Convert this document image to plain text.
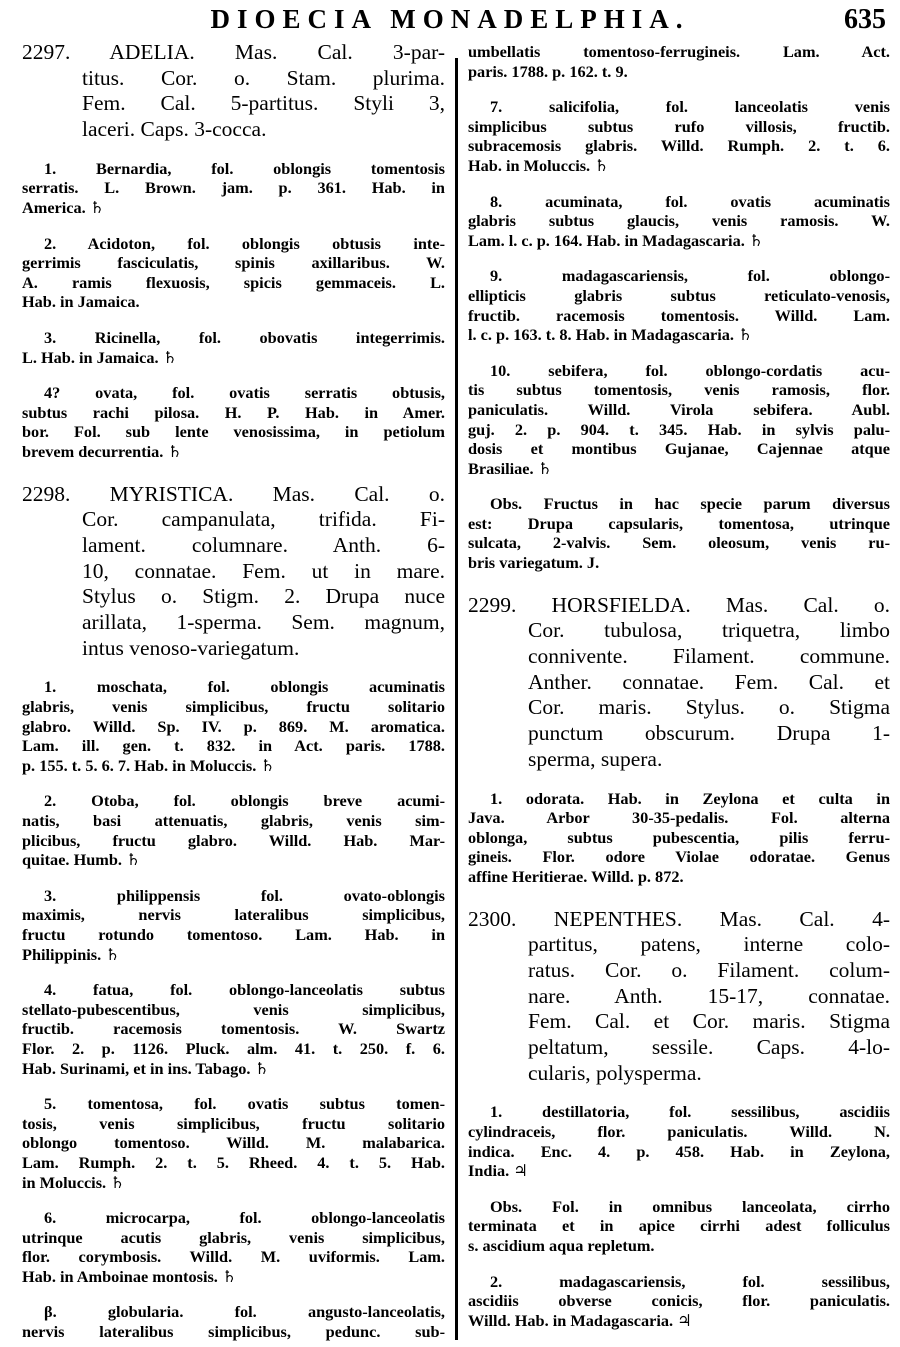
DIOECIA MONADELPHIA.	635
2297. ADELIA. Mas. Cal. 3-par-
titus. Cor. o. Stam. plurima.
Fem. Cal. 5-partitus. Styli 3,
laceri. Caps. 3-cocca.
1. Bernardia, fol. oblongis tomentosis
serratis. L. Brown. jam. p. 361. Hab. in
America. ♄
2. Acidoton, fol. oblongis obtusis inte-
gerrimis fasciculatis, spinis axillaribus. W.
A. ramis flexuosis, spicis gemmaceis. L.
Hab. in Jamaica.
3. Ricinella, fol. obovatis integerrimis.
L. Hab. in Jamaica. ♄
4? ovata, fol. ovatis serratis obtusis,
subtus rachi pilosa. H. P. Hab. in Amer.
bor. Fol. sub lente venosissima, in petiolum
brevem decurrentia. ♄
2298. MYRISTICA. Mas. Cal. o.
Cor. campanulata, trifida. Fi-
lament. columnare. Anth. 6-
10, connatae. Fem. ut in mare.
Stylus o. Stigm. 2. Drupa nuce
arillata, 1-sperma. Sem. magnum,
intus venoso-variegatum.
1. moschata, fol. oblongis acuminatis
glabris, venis simplicibus, fructu solitario
glabro. Willd. Sp. IV. p. 869. M. aromatica.
Lam. ill. gen. t. 832. in Act. paris. 1788.
p. 155. t. 5. 6. 7. Hab. in Moluccis. ♄
2. Otoba, fol. oblongis breve acumi-
natis, basi attenuatis, glabris, venis sim-
plicibus, fructu glabro. Willd. Hab. Mar-
quitae. Humb. ♄
3. philippensis fol. ovato-oblongis
maximis, nervis lateralibus simplicibus,
fructu rotundo tomentoso. Lam. Hab. in
Philippinis. ♄
4. fatua, fol. oblongo-lanceolatis subtus
stellato-pubescentibus, venis simplicibus,
fructib. racemosis tomentosis. W. Swartz
Flor. 2. p. 1126. Pluck. alm. 41. t. 250. f. 6.
Hab. Surinami, et in ins. Tabago. ♄
5. tomentosa, fol. ovatis subtus tomen-
tosis, venis simplicibus, fructu solitario
oblongo tomentoso. Willd. M. malabarica.
Lam. Rumph. 2. t. 5. Rheed. 4. t. 5. Hab.
in Moluccis. ♄
6. microcarpa, fol. oblongo-lanceolatis
utrinque acutis glabris, venis simplicibus,
flor. corymbosis. Willd. M. uviformis. Lam.
Hab. in Amboinae montosis. ♄
β. globularia. fol. angusto-lanceolatis,
nervis lateralibus simplicibus, pedunc. sub-
umbellatis tomentoso-ferrugineis. Lam. Act.
paris. 1788. p. 162. t. 9.
7. salicifolia, fol. lanceolatis venis
simplicibus subtus rufo villosis, fructib.
subracemosis glabris. Willd. Rumph. 2. t. 6.
Hab. in Moluccis. ♄
8. acuminata, fol. ovatis acuminatis
glabris subtus glaucis, venis ramosis. W.
Lam. l. c. p. 164. Hab. in Madagascaria. ♄
9. madagascariensis, fol. oblongo-
ellipticis glabris subtus reticulato-venosis,
fructib. racemosis tomentosis. Willd. Lam.
l. c. p. 163. t. 8. Hab. in Madagascaria. ♄
10. sebifera, fol. oblongo-cordatis acu-
tis subtus tomentosis, venis ramosis, flor.
paniculatis. Willd. Virola sebifera. Aubl.
guj. 2. p. 904. t. 345. Hab. in sylvis palu-
dosis et montibus Gujanae, Cajennae atque
Brasiliae. ♄
Obs. Fructus in hac specie parum diversus
est: Drupa capsularis, tomentosa, utrinque
sulcata, 2-valvis. Sem. oleosum, venis ru-
bris variegatum. J.
2299. HORSFIELDA. Mas. Cal. o.
Cor. tubulosa, triquetra, limbo
connivente. Filament. commune.
Anther. connatae. Fem. Cal. et
Cor. maris. Stylus. o. Stigma
punctum obscurum. Drupa 1-
sperma, supera.
1. odorata. Hab. in Zeylona et culta in
Java. Arbor 30-35-pedalis. Fol. alterna
oblonga, subtus pubescentia, pilis ferru-
gineis. Flor. odore Violae odoratae. Genus
affine Heritierae. Willd. p. 872.
2300. NEPENTHES. Mas. Cal. 4-
partitus, patens, interne colo-
ratus. Cor. o. Filament. colum-
nare. Anth. 15-17, connatae.
Fem. Cal. et Cor. maris. Stigma
peltatum, sessile. Caps. 4-lo-
cularis, polysperma.
1. destillatoria, fol. sessilibus, ascidiis
cylindraceis, flor. paniculatis. Willd. N.
indica. Enc. 4. p. 458. Hab. in Zeylona,
India. ♃
Obs. Fol. in omnibus lanceolata, cirrho
terminata et in apice cirrhi adest folliculus
s. ascidium aqua repletum.
2. madagascariensis, fol. sessilibus,
ascidiis obverse conicis, flor. paniculatis.
Willd. Hab. in Madagascaria. ♃
